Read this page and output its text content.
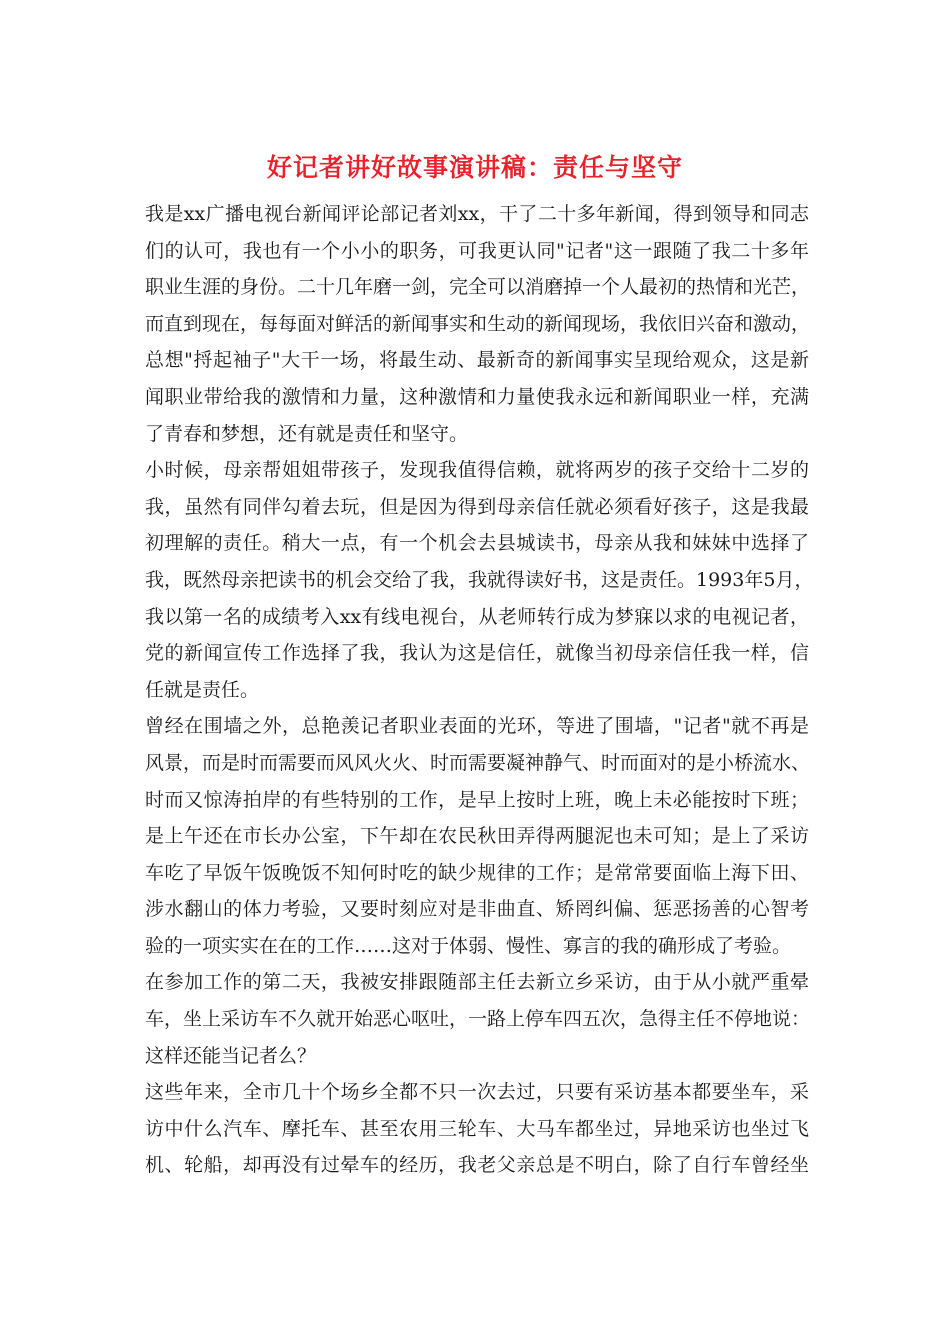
好记者讲好故事演讲稿：责任与坚守

我是xx广播电视台新闻评论部记者刘xx，干了二十多年新闻，得到领导和同志
们的认可，我也有一个小小的职务，可我更认同"记者"这一跟随了我二十多年
职业生涯的身份。二十几年磨一剑，完全可以消磨掉一个人最初的热情和光芒，
而直到现在，每每面对鲜活的新闻事实和生动的新闻现场，我依旧兴奋和激动，
总想"捋起袖子"大干一场，将最生动、最新奇的新闻事实呈现给观众，这是新
闻职业带给我的激情和力量，这种激情和力量使我永远和新闻职业一样，充满
了青春和梦想，还有就是责任和坚守。

小时候，母亲帮姐姐带孩子，发现我值得信赖，就将两岁的孩子交给十二岁的
我，虽然有同伴勾着去玩，但是因为得到母亲信任就必须看好孩子，这是我最
初理解的责任。稍大一点，有一个机会去县城读书，母亲从我和妹妹中选择了
我，既然母亲把读书的机会交给了我，我就得读好书，这是责任。1993年5月，
我以第一名的成绩考入xx有线电视台，从老师转行成为梦寐以求的电视记者，
党的新闻宣传工作选择了我，我认为这是信任，就像当初母亲信任我一样，信
任就是责任。

曾经在围墙之外，总艳羡记者职业表面的光环，等进了围墙，"记者"就不再是
风景，而是时而需要而风风火火、时而需要凝神静气、时而面对的是小桥流水、
时而又惊涛拍岸的有些特别的工作，是早上按时上班，晚上未必能按时下班；
是上午还在市长办公室，下午却在农民秋田弄得两腿泥也未可知；是上了采访
车吃了早饭午饭晚饭不知何时吃的缺少规律的工作；是常常要面临上海下田、
涉水翻山的体力考验，又要时刻应对是非曲直、矫罔纠偏、惩恶扬善的心智考
验的一项实实在在的工作……这对于体弱、慢性、寡言的我的确形成了考验。

在参加工作的第二天，我被安排跟随部主任去新立乡采访，由于从小就严重晕
车，坐上采访车不久就开始恶心呕吐，一路上停车四五次，急得主任不停地说：
这样还能当记者么？

这些年来，全市几十个场乡全都不只一次去过，只要有采访基本都要坐车，采
访中什么汽车、摩托车、甚至农用三轮车、大马车都坐过，异地采访也坐过飞
机、轮船，却再没有过晕车的经历，我老父亲总是不明白，除了自行车曾经坐
